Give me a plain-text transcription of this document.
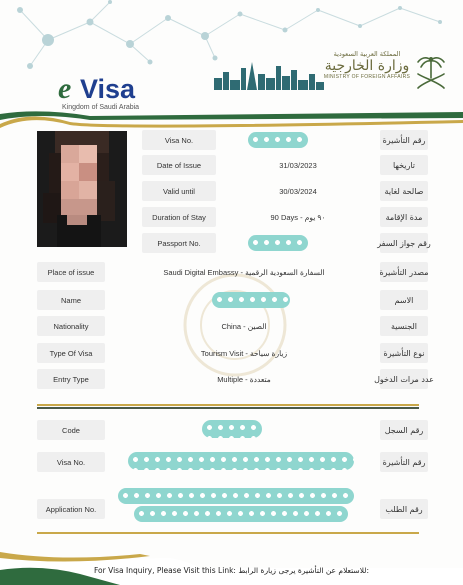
e Visa
Kingdom of Saudi Arabia
المملكة العربية السعودية
وزارة الخارجية
MINISTRY OF FOREIGN AFFAIRS
Visa No.	رقم التأشيرة
Date of Issue	31/03/2023	تاريخها
Valid until	30/03/2024	صالحة لغاية
Duration of Stay	90 Days - ٩٠ يوم	مدة الإقامة
Passport No.	رقم جواز السفر
Place of issue	Saudi Digital Embassy - السفارة السعودية الرقمية	مصدر التأشيرة
Name	الاسم
Nationality	China - الصين	الجنسية
Type Of Visa	Tourism Visit - زيارة سياحة	نوع التأشيرة
Entry Type	Multiple - متعددة	عدد مرات الدخول
Code	رقم السجل
Visa No.	رقم التأشيرة
Application No.	رقم الطلب
For Visa Inquiry, Please Visit this Link: للاستعلام عن التأشيرة يرجى زيارة الرابط:
